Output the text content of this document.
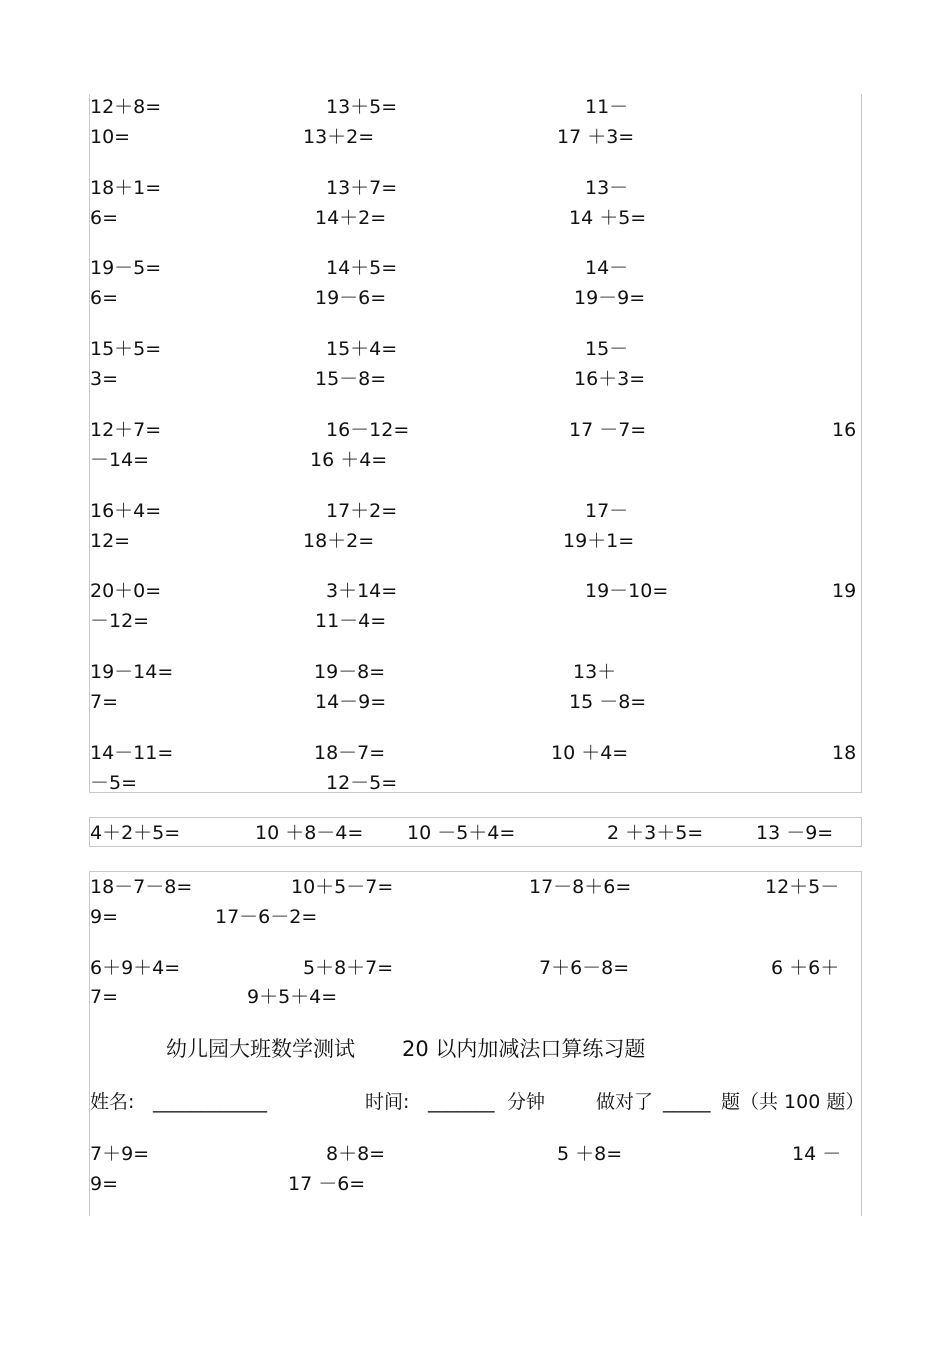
12＋8=	13＋5=	11－
10=	13＋2=	17 ＋3=
18＋1=	13＋7=	13－
6=	14＋2=	14 ＋5=
19－5=	14＋5=	14－
6=	19－6=	19－9=
15＋5=	15＋4=	15－
3=	15－8=	16＋3=
12＋7=	16－12=	17 －7=	16
－14=	16 ＋4=
16＋4=	17＋2=	17－
12=	18＋2=	19＋1=
20＋0=	3＋14=	19－10=	19
－12=	11－4=
19－14=	19－8=	13＋
7=	14－9=	15 －8=
14－11=	18－7=	10 ＋4=	18
－5=	12－5=
4＋2＋5=	10 ＋8－4= 10 －5＋4=	2 ＋3＋5=	13 －9=
18－7－8=	10＋5－7=	17－8＋6=	12＋5－
9=	17－6－2=
6＋9＋4=	5＋8＋7=	7＋6－8=	6 ＋6＋
7=	9＋5＋4=
幼儿园大班数学测试 20 以内加减法口算练习题
姓名: ____________	时间: _______ 分钟	做对了 _____ 题（共 100 题）
7＋9=	8＋8=	5 ＋8=	14 －
9=	17 －6=
